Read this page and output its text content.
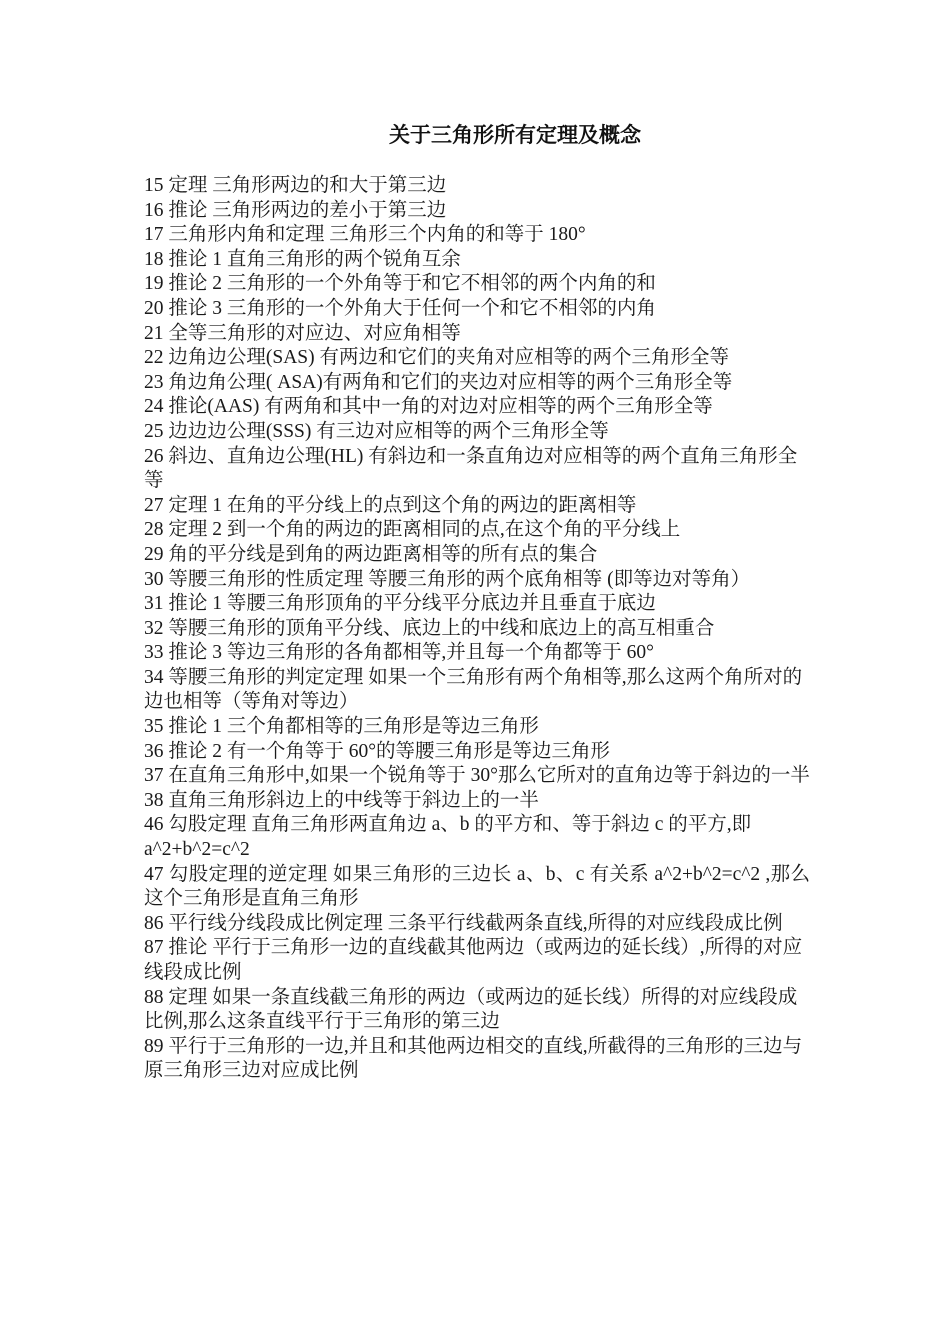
关于三角形所有定理及概念

15 定理 三角形两边的和大于第三边

16 推论 三角形两边的差小于第三边

17 三角形内角和定理 三角形三个内角的和等于 180°

18 推论 1 直角三角形的两个锐角互余

19 推论 2 三角形的一个外角等于和它不相邻的两个内角的和

20 推论 3 三角形的一个外角大于任何一个和它不相邻的内角

21 全等三角形的对应边、对应角相等

22 边角边公理(SAS) 有两边和它们的夹角对应相等的两个三角形全等

23 角边角公理( ASA)有两角和它们的夹边对应相等的两个三角形全等

24 推论(AAS) 有两角和其中一角的对边对应相等的两个三角形全等

25 边边边公理(SSS) 有三边对应相等的两个三角形全等

26 斜边、直角边公理(HL) 有斜边和一条直角边对应相等的两个直角三角形全等

27 定理 1 在角的平分线上的点到这个角的两边的距离相等

28 定理 2 到一个角的两边的距离相同的点,在这个角的平分线上

29 角的平分线是到角的两边距离相等的所有点的集合

30 等腰三角形的性质定理 等腰三角形的两个底角相等 (即等边对等角）

31 推论 1 等腰三角形顶角的平分线平分底边并且垂直于底边

32 等腰三角形的顶角平分线、底边上的中线和底边上的高互相重合

33 推论 3 等边三角形的各角都相等,并且每一个角都等于 60°

34 等腰三角形的判定定理 如果一个三角形有两个角相等,那么这两个角所对的边也相等（等角对等边）

35 推论 1 三个角都相等的三角形是等边三角形

36 推论 2 有一个角等于 60°的等腰三角形是等边三角形

37 在直角三角形中,如果一个锐角等于 30°那么它所对的直角边等于斜边的一半

38 直角三角形斜边上的中线等于斜边上的一半

46 勾股定理 直角三角形两直角边 a、b 的平方和、等于斜边 c 的平方,即 a^2+b^2=c^2

47 勾股定理的逆定理 如果三角形的三边长 a、b、c 有关系 a^2+b^2=c^2 ,那么这个三角形是直角三角形

86 平行线分线段成比例定理 三条平行线截两条直线,所得的对应线段成比例

87 推论 平行于三角形一边的直线截其他两边（或两边的延长线）,所得的对应线段成比例

88 定理 如果一条直线截三角形的两边（或两边的延长线）所得的对应线段成比例,那么这条直线平行于三角形的第三边

89 平行于三角形的一边,并且和其他两边相交的直线,所截得的三角形的三边与原三角形三边对应成比例
